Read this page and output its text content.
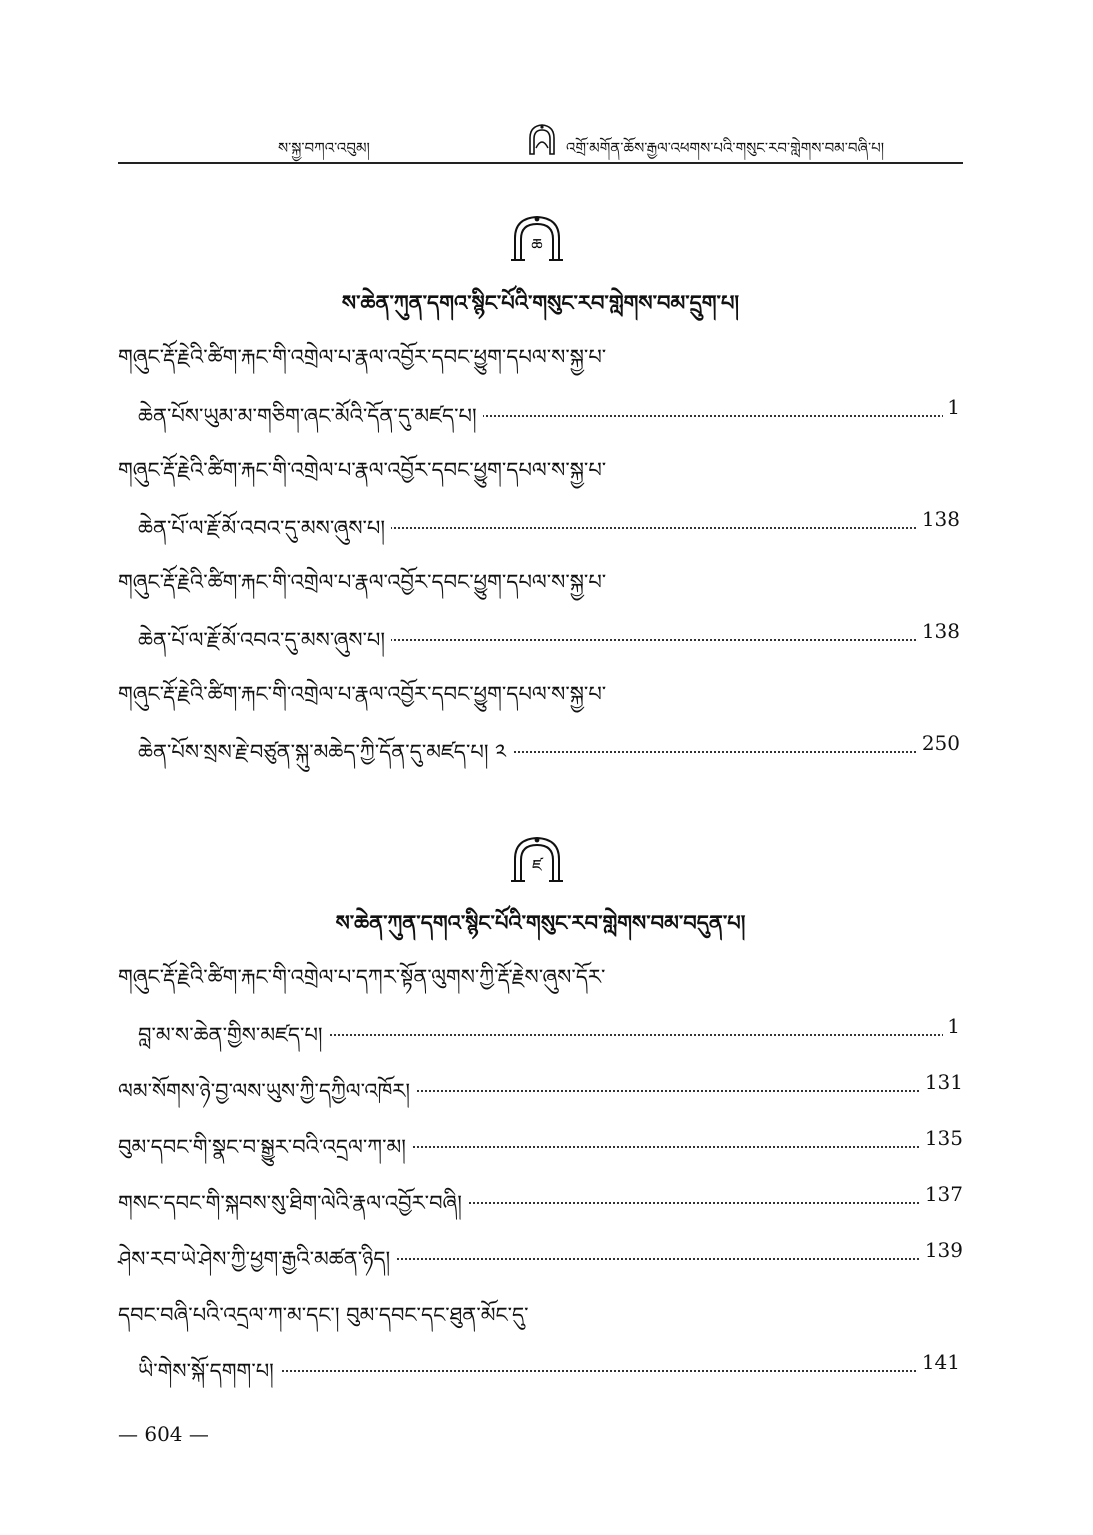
ས་སྐྱ་བཀའ་འབུམ།	འགྲོ་མགོན་ཆོས་རྒྱལ་འཕགས་པའི་གསུང་རབ་གླེགས་བམ་བཞི་པ།
ཆ
ས་ཆེན་ཀུན་དགའ་སྙིང་པོའི་གསུང་རབ་གླེགས་བམ་དྲུག་པ།
གཞུང་རྡོ་རྗེའི་ཚིག་རྐང་གི་འགྲེལ་པ་རྣལ་འབྱོར་དབང་ཕྱུག་དཔལ་ས་སྐྱ་པ་
ཆེན་པོས་ཡུམ་མ་གཅིག་ཞང་མོའི་དོན་དུ་མཛད་པ།	1
གཞུང་རྡོ་རྗེའི་ཚིག་རྐང་གི་འགྲེལ་པ་རྣལ་འབྱོར་དབང་ཕྱུག་དཔལ་ས་སྐྱ་པ་
ཆེན་པོ་ལ་རྗོ་མོ་འབའ་དུ་མས་ཞུས་པ།	138
གཞུང་རྡོ་རྗེའི་ཚིག་རྐང་གི་འགྲེལ་པ་རྣལ་འབྱོར་དབང་ཕྱུག་དཔལ་ས་སྐྱ་པ་
ཆེན་པོ་ལ་རྗོ་མོ་འབའ་དུ་མས་ཞུས་པ།	138
གཞུང་རྡོ་རྗེའི་ཚིག་རྐང་གི་འགྲེལ་པ་རྣལ་འབྱོར་དབང་ཕྱུག་དཔལ་ས་སྐྱ་པ་
ཆེན་པོས་སྲས་རྗེ་བཙུན་སྐུ་མཆེད་ཀྱི་དོན་དུ་མཛད་པ། ༢	250
ཛ
ས་ཆེན་ཀུན་དགའ་སྙིང་པོའི་གསུང་རབ་གླེགས་བམ་བདུན་པ།
གཞུང་རྡོ་རྗེའི་ཚིག་རྐང་གི་འགྲེལ་པ་དཀར་སྟོན་ལུགས་ཀྱི་རྡོ་རྗེས་ཞུས་དོར་
བླ་མ་ས་ཆེན་གྱིས་མཛད་པ།	1
ལམ་སོགས་ཉེ་བྱ་ལས་ཡུས་ཀྱི་དཀྱིལ་འཁོར།	131
བུམ་དབང་གི་སྣང་བ་སྒྱུར་བའི་འདྲལ་ཀ་མ།	135
གསང་དབང་གི་སྐབས་སུ་ཐིག་ལེའི་རྣལ་འབྱོར་བཞི།	137
ཤེས་རབ་ཡེ་ཤེས་ཀྱི་ཕྱག་རྒྱའི་མཚན་ཉིད།	139
དབང་བཞི་པའི་འདྲལ་ཀ་མ་དང་། བུམ་དབང་དང་ཐུན་མོང་དུ་
ཡི་གེས་སྐོ་དགག་པ།	141
— 604 —
